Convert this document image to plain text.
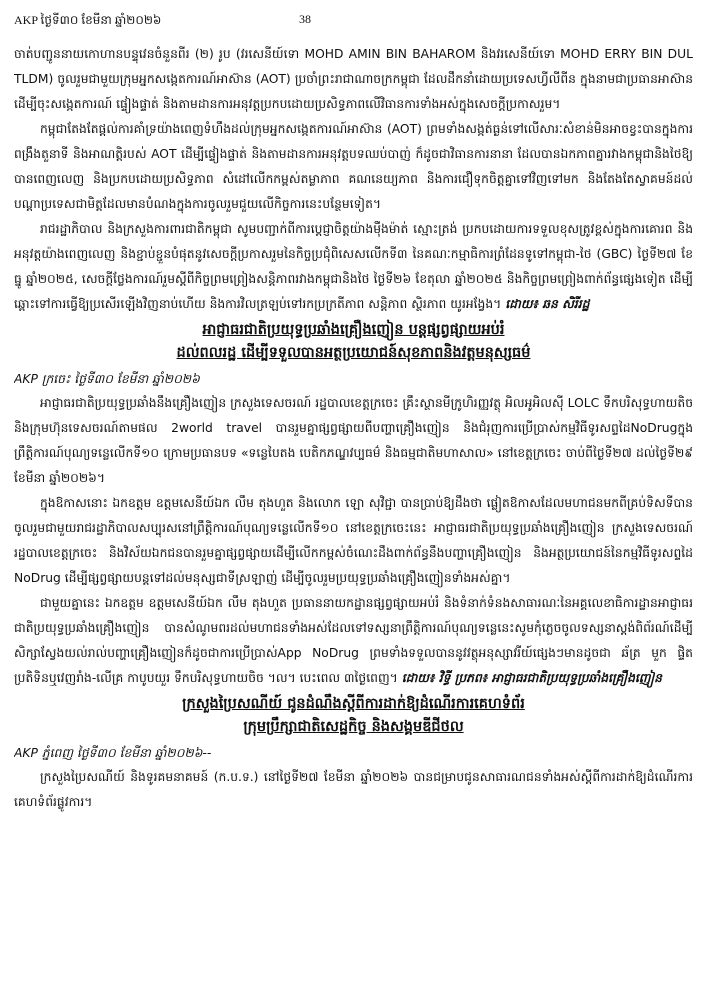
AKP ថ្ងៃទី៣០ ខែមីនា ឆ្នាំ២០២៦	38

ចាត់បញ្ជូននាយកោហានបន្ទុវេនចំនួនពីរ (២) រូប (វរសេនីយ៍ទោ MOHD AMIN BIN BAHAROM និងវរសេនីយ៍ទោ MOHD ERRY BIN DUL TLDM) ចូលរួមជាមួយក្រុមអ្នកសង្កេតការណ៍អាស៊ាន (AOT) ប្រចាំព្រះរាជាណាចក្រកម្ពុជា ដែលដឹកនាំដោយប្រទេសហ្វីលីពីន ក្នុងនាមជាប្រធានអាស៊ាន ដើម្បីចុះសង្កេតការណ៍ ផ្ទៀងផ្ទាត់ និងតាមដានការអនុវត្តប្រកបដោយប្រសិទ្ធភាពលើវិធានការទាំងអស់ក្នុងសេចក្តីប្រកាសរួម។

កម្ពុជាតែងតែផ្តល់ការគាំទ្រយ៉ាងពេញទំហឹងដល់ក្រុមអ្នកសង្កេតការណ៍អាស៊ាន (AOT) ព្រមទាំងសង្កត់ធ្ងន់ទៅលើសារៈសំខាន់មិនអាចខ្វះបានក្នុងការពង្រឹងតួនាទី និងអាណត្តិរបស់ AOT ដើម្បីផ្ទៀងផ្ទាត់ និងតាមដានការអនុវត្តបទឈប់បាញ់ ក៏ដូចជាវិធានការនានា ដែលបានឯកភាពគ្នារវាងកម្ពុជានិងថៃឱ្យបានពេញលេញ និងប្រកបដោយប្រសិទ្ធភាព សំដៅលើកកម្ពស់តម្លាភាព គណនេយ្យភាព និងការជឿទុកចិត្តគ្នាទៅវិញទៅមក និងតែងតែស្វាគមន៍ដល់បណ្តាប្រទេសជាមិត្តដែលមានបំណងក្នុងការចូលរួមជួយលើកិច្ចការនេះបន្ថែមទៀត។

រាជរដ្ឋាភិបាល និងក្រសួងការពារជាតិកម្ពុជា សូមបញ្ជាក់ពីការប្តេជ្ញាចិត្តយ៉ាងម៉ឺងម៉ាត់ ស្មោះត្រង់ ប្រកបដោយការទទួលខុសត្រូវខ្ពស់ក្នុងការគោរព និងអនុវត្តយ៉ាងពេញលេញ និងខ្ជាប់ខ្ជួនបំផុតនូវសេចក្តីប្រកាសរួមនៃកិច្ចប្រជុំពិសេសលើកទី៣ នៃគណៈកម្មាធិការព្រំដែនទូទៅកម្ពុជា-ថៃ (GBC) ថ្ងៃទី២៧ ខែធ្នូ ឆ្នាំ២០២៥, សេចក្តីថ្លែងការណ៍រួមស្តីពីកិច្ចព្រមព្រៀងសន្តិភាពរវាងកម្ពុជានិងថៃ ថ្ងៃទី២៦ ខែតុលា ឆ្នាំ២០២៥ និងកិច្ចព្រមព្រៀងពាក់ព័ន្ធផ្សេងទៀត ដើម្បីឆ្ពោះទៅការធ្វើឱ្យប្រសើរឡើងវិញនាប់ហើយ និងការវិលត្រឡប់ទៅរកប្រក្រតីភាព សន្តិភាព ស្ថិរភាព យូរអង្វែង។ ដោយ៖ ឆន សិរីរដ្ឋ

អាជ្ញាធរជាតិប្រយុទ្ធប្រឆាំងគ្រឿងញៀន បន្តផ្សព្វផ្សាយអប់រំ
ដល់ពលរដ្ឋ ដើម្បីទទួលបានអត្ថប្រយោជន៍សុខភាពនិងវត្តមនុស្សធម៌

AKP ក្រចេះ ថ្ងៃទី៣០ ខែមីនា ឆ្នាំ២០២៦

អាជ្ញាធរជាតិប្រយុទ្ធប្រឆាំងនឹងគ្រឿងញៀន ក្រសួងទេសចរណ៍ រដ្ឋបាលខេត្តក្រចេះ គ្រឹះស្ថានមីក្រូហិរញ្ញវត្ថុ អិលអូអិលស៊ី LOLC ទឹកបរិសុទ្ធហាយតិច និងក្រុមហ៊ុនទេសចរណ៍តាមផល 2world travel បានរួមគ្នាផ្សព្វផ្សាយពីបញ្ហាគ្រឿងញៀន និងជំរុញការប្រើប្រាស់កម្មវិធីទូរសព្ទដៃNoDrugក្នុងព្រឹត្តិការណ៍បុណ្យទន្លេលើកទី១០ ក្រោមប្រធានបទ «ទន្លេបៃតង បេតិកភណ្ឌវប្បធម៌ និងធម្មជាតិមហាសាល» នៅខេត្តក្រចេះ ចាប់ពីថ្ងៃទី២៧ ដល់ថ្ងៃទី២៩ ខែមីនា ឆ្នាំ២០២៦។

ក្នុងឱកាសនោះ ឯកឧត្តម ឧត្តមសេនីយ៍ឯក លឹម តុងហួត និងលោក ឡោ សុវិជ្ជា បានប្រាប់ឱ្យដឹងថា ផ្លៀតឱកាសដែលមហាជនមកពីគ្រប់ទិសទីបានចូលរួមជាមួយរាជរដ្ឋាភិបាលសប្បុរសនៅព្រឹត្តិការណ៍បុណ្យទន្លេលើកទី១០ នៅខេត្តក្រចេះនេះ អាជ្ញាធរជាតិប្រយុទ្ធប្រឆាំងគ្រឿងញៀន ក្រសួងទេសចរណ៍ រដ្ឋបាលខេត្តក្រចេះ និងវិស័យឯកជនបានរួមគ្នាផ្សព្វផ្សាយដើម្បីលើកកម្ពស់ចំណេះដឹងពាក់ព័ន្ធនឹងបញ្ហាគ្រឿងញៀន និងអត្ថប្រយោជន៍នៃកម្មវិធីទូរសព្ទដៃ NoDrug ដើម្បីផ្សព្វផ្សាយបន្តទៅដល់មនុស្សជាទីស្រឡាញ់ ដើម្បីចូលរួមប្រយុទ្ធប្រឆាំងគ្រឿងញៀនទាំងអស់គ្នា។

ជាមួយគ្នានេះ ឯកឧត្តម ឧត្តមសេនីយ៍ឯក លឹម តុងហួត ប្រធាននាយកដ្ឋានផ្សព្វផ្សាយអប់រំ និងទំនាក់ទំនងសាធារណៈនៃអគ្គលេខាធិការដ្ឋានអាជ្ញាធរជាតិប្រយុទ្ធប្រឆាំងគ្រឿងញៀន បានសំណូមពរដល់មហាជនទាំងអស់ដែលទៅទស្សនាព្រឹត្តិការណ៍បុណ្យទន្លេនេះសូមកុំភ្លេចចូលទស្សនាស្តង់ពិព័រណ៍ដើម្បីសិក្សាស្វែងយល់រាល់បញ្ហាគ្រឿងញៀនក៏ដូចជាការប្រើប្រាស់App NoDrug ព្រមទាំងទទួលបាននូវវត្ថុអនុស្សាវរីយ៍ផ្សេងៗមានដូចជា ឆ័ត្រ មួក ផ្ទិត ប្រតិទិនឬវេញរាំង-លើគ្រ កាបូបយួរ ទឹកបរិសុទ្ធហាយចិច ។ល។ បេះពេល ៣ថ្ងៃពេញ។ ដោយ៖ វិទ្ធី ប្រភព៖ អាជ្ញាធរជាតិប្រយុទ្ធប្រឆាំងគ្រឿងញៀន

ក្រសួងប្រៃសណីយ៍ ជូនដំណឹងស្តីពីការដាក់ឱ្យដំណើរការគេហទំព័រ
ក្រុមប្រឹក្សាជាតិសេដ្ឋកិច្ច និងសង្គមឌីជីថល

AKP ភ្នំពេញ ថ្ងៃទី៣០ ខែមីនា ឆ្នាំ២០២៦--

ក្រសួងប្រៃសណីយ៍ និងទូរគមនាគមន៍ (ក.ប.ទ.) នៅថ្ងៃទី២៧ ខែមីនា ឆ្នាំ២០២៦ បានជម្រាបជូនសាធារណជនទាំងអស់ស្តីពីការដាក់ឱ្យដំណើរការគេហទំព័រផ្លូវការ។
